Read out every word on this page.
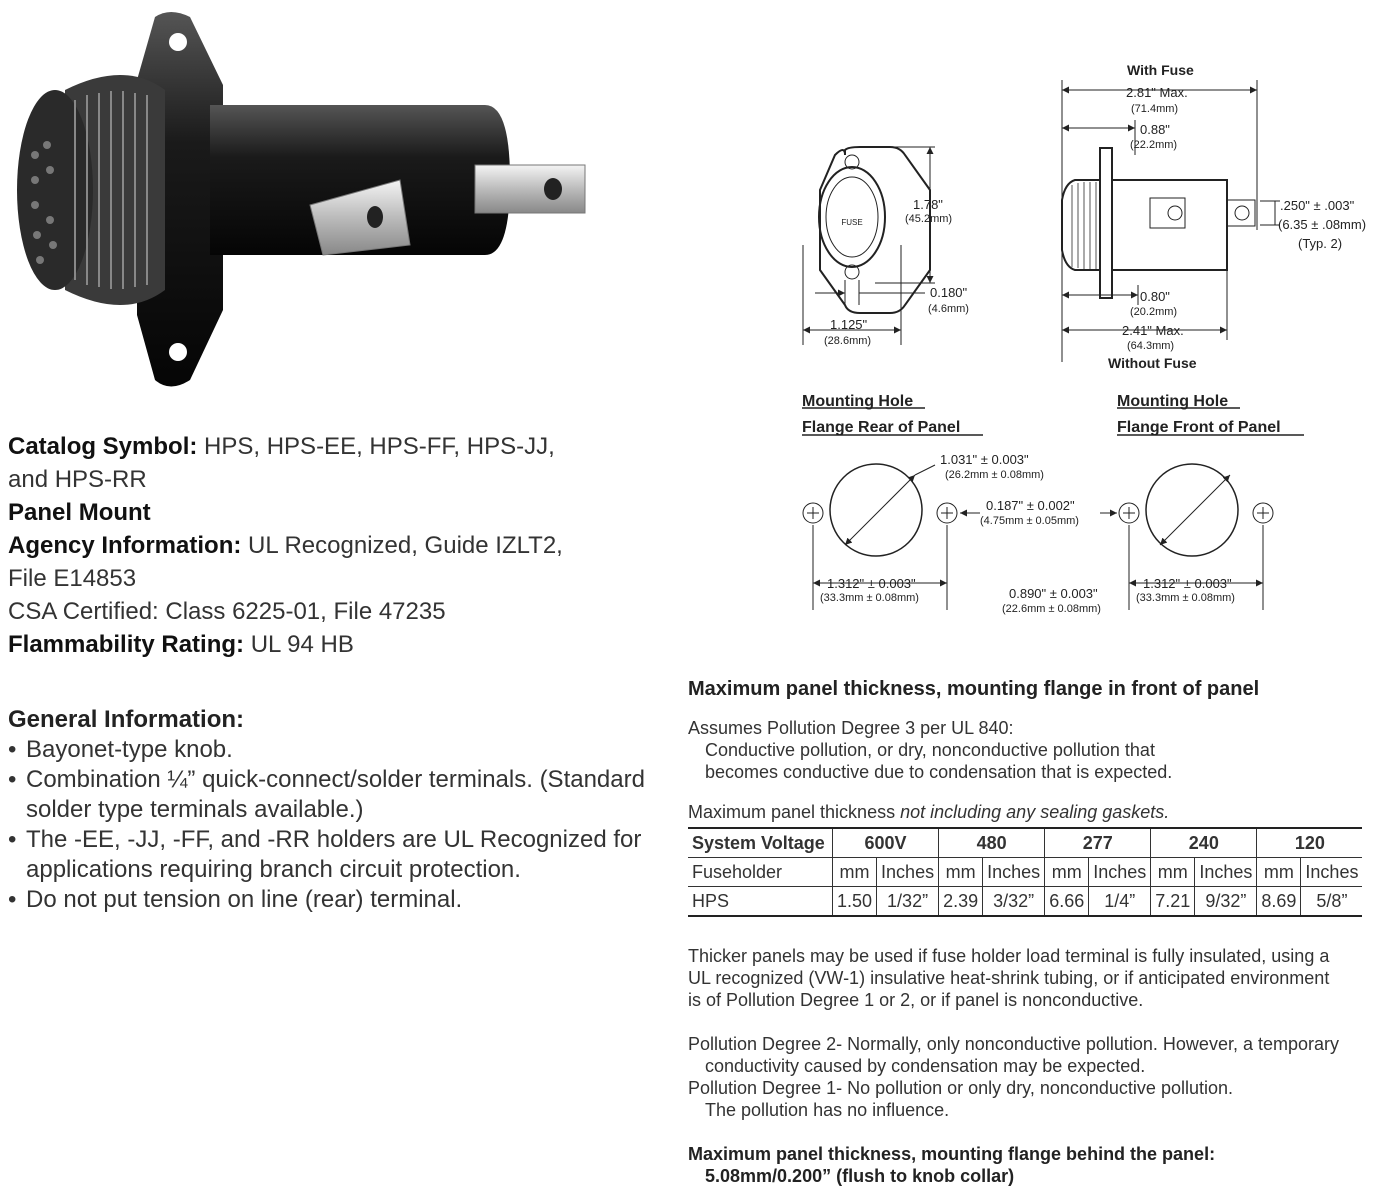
Catalog Symbol: HPS, HPS-EE, HPS-FF, HPS-JJ,
and HPS-RR
Panel Mount
Agency Information: UL Recognized, Guide IZLT2,
File E14853
CSA Certified: Class 6225-01, File 47235
Flammability Rating: UL 94 HB
General Information:
• Bayonet-type knob.
• Combination ¼” quick-connect/solder terminals. (Standard solder type terminals available.)
• The -EE, -JJ, -FF, and -RR holders are UL Recognized for applications requiring branch circuit protection.
• Do not put tension on line (rear) terminal.
With Fuse
2.81" Max.
(71.4mm)
0.88"
(22.2mm)
1.78"
(45.2mm)
FUSE
.250" ± .003"
(6.35 ± .08mm)
(Typ. 2)
0.180"
(4.6mm)
0.80"
(20.2mm)
1.125"
(28.6mm)
2.41" Max.
(64.3mm)
Without Fuse
Mounting Hole
Flange Rear of Panel
Mounting Hole
Flange Front of Panel
1.031" ± 0.003"
(26.2mm ± 0.08mm)
0.187" ± 0.002"
(4.75mm ± 0.05mm)
1.312" ± 0.003"
(33.3mm ± 0.08mm)	0.890" ± 0.003"
(22.6mm ± 0.08mm)
1.312" ± 0.003"
(33.3mm ± 0.08mm)
Maximum panel thickness, mounting flange in front of panel

Assumes Pollution Degree 3 per UL 840:

Conductive pollution, or dry, nonconductive pollution that

becomes conductive due to condensation that is expected.

Maximum panel thickness not including any sealing gaskets.

System Voltage	600V		480		277		240		120	
Fuseholder	mm	Inches	mm	Inches	mm	Inches	mm	Inches	mm	Inches
HPS	1.50	1/32”	2.39	3/32”	6.66	1/4”	7.21	9/32”	8.69	5/8”

Thicker panels may be used if fuse holder load terminal is fully insulated, using a

UL recognized (VW-1) insulative heat-shrink tubing, or if anticipated environment

is of Pollution Degree 1 or 2, or if panel is nonconductive.

Pollution Degree 2- Normally, only nonconductive pollution. However, a temporary

conductivity caused by condensation may be expected.

Pollution Degree 1- No pollution or only dry, nonconductive pollution.

The pollution has no influence.

Maximum panel thickness, mounting flange behind the panel:

5.08mm/0.200” (flush to knob collar)
